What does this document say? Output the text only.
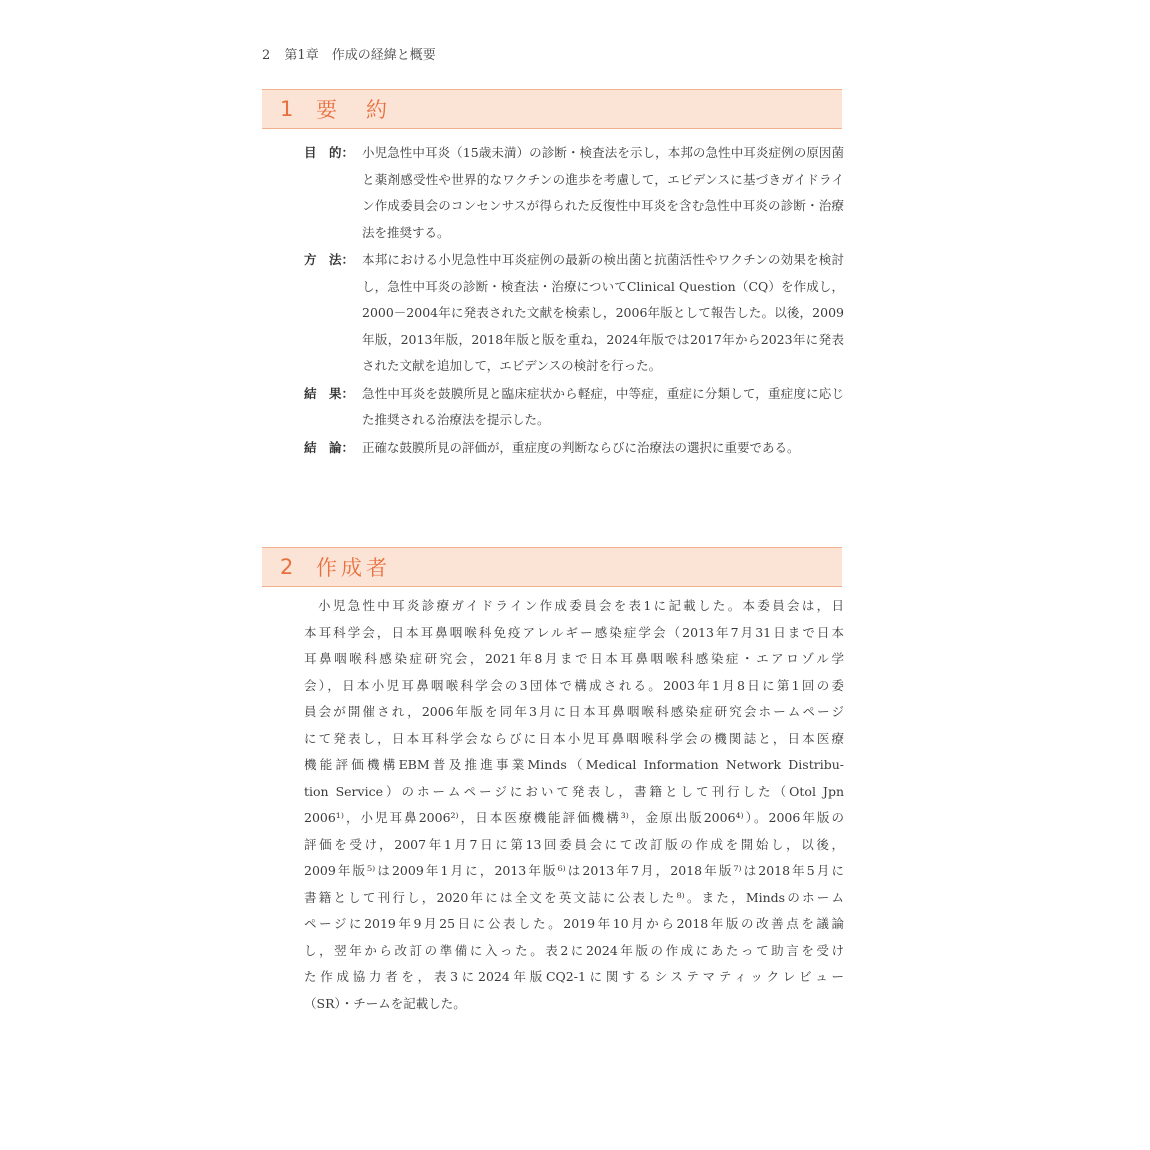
2 第1章　作成の経緯と概要
1	要　約
目　的： 小児急性中耳炎（15歳未満）の診断・検査法を示し，本邦の急性中耳炎症例の原因菌と薬剤感受性や世界的なワクチンの進歩を考慮して，エビデンスに基づきガイドライン作成委員会のコンセンサスが得られた反復性中耳炎を含む急性中耳炎の診断・治療法を推奨する。
方　法： 本邦における小児急性中耳炎症例の最新の検出菌と抗菌活性やワクチンの効果を検討し，急性中耳炎の診断・検査法・治療についてClinical Question（CQ）を作成し，2000－2004年に発表された文献を検索し，2006年版として報告した。以後，2009年版，2013年版，2018年版と版を重ね，2024年版では2017年から2023年に発表された文献を追加して，エビデンスの検討を行った。
結　果： 急性中耳炎を鼓膜所見と臨床症状から軽症，中等症，重症に分類して，重症度に応じた推奨される治療法を提示した。
結　論： 正確な鼓膜所見の評価が，重症度の判断ならびに治療法の選択に重要である。
2	作成者
小児急性中耳炎診療ガイドライン作成委員会を表1に記載した。本委員会は，日
本耳科学会，日本耳鼻咽喉科免疫アレルギー感染症学会（2013年7月31日まで日本
耳鼻咽喉科感染症研究会，2021年8月まで日本耳鼻咽喉科感染症・エアロゾル学
会），日本小児耳鼻咽喉科学会の3団体で構成される。2003年1月8日に第1回の委
員会が開催され，2006年版を同年3月に日本耳鼻咽喉科感染症研究会ホームページ
にて発表し，日本耳科学会ならびに日本小児耳鼻咽喉科学会の機関誌と，日本医療
機能評価機構EBM普及推進事業Minds（Medical Information Network Distribu-
tion Service）のホームページにおいて発表し，書籍として刊行した（Otol Jpn
2006¹⁾，小児耳鼻2006²⁾，日本医療機能評価機構³⁾，金原出版2006⁴⁾）。2006年版の
評価を受け，2007年1月7日に第13回委員会にて改訂版の作成を開始し，以後，
2009年版⁵⁾は2009年1月に，2013年版⁶⁾は2013年7月，2018年版⁷⁾は2018年5月に
書籍として刊行し，2020年には全文を英文誌に公表した⁸⁾。また，Mindsのホーム
ページに2019年9月25日に公表した。2019年10月から2018年版の改善点を議論
し，翌年から改訂の準備に入った。表2に2024年版の作成にあたって助言を受け
た作成協力者を，表3に2024年版CQ2-1に関するシステマティックレビュー
（SR）・チームを記載した。
